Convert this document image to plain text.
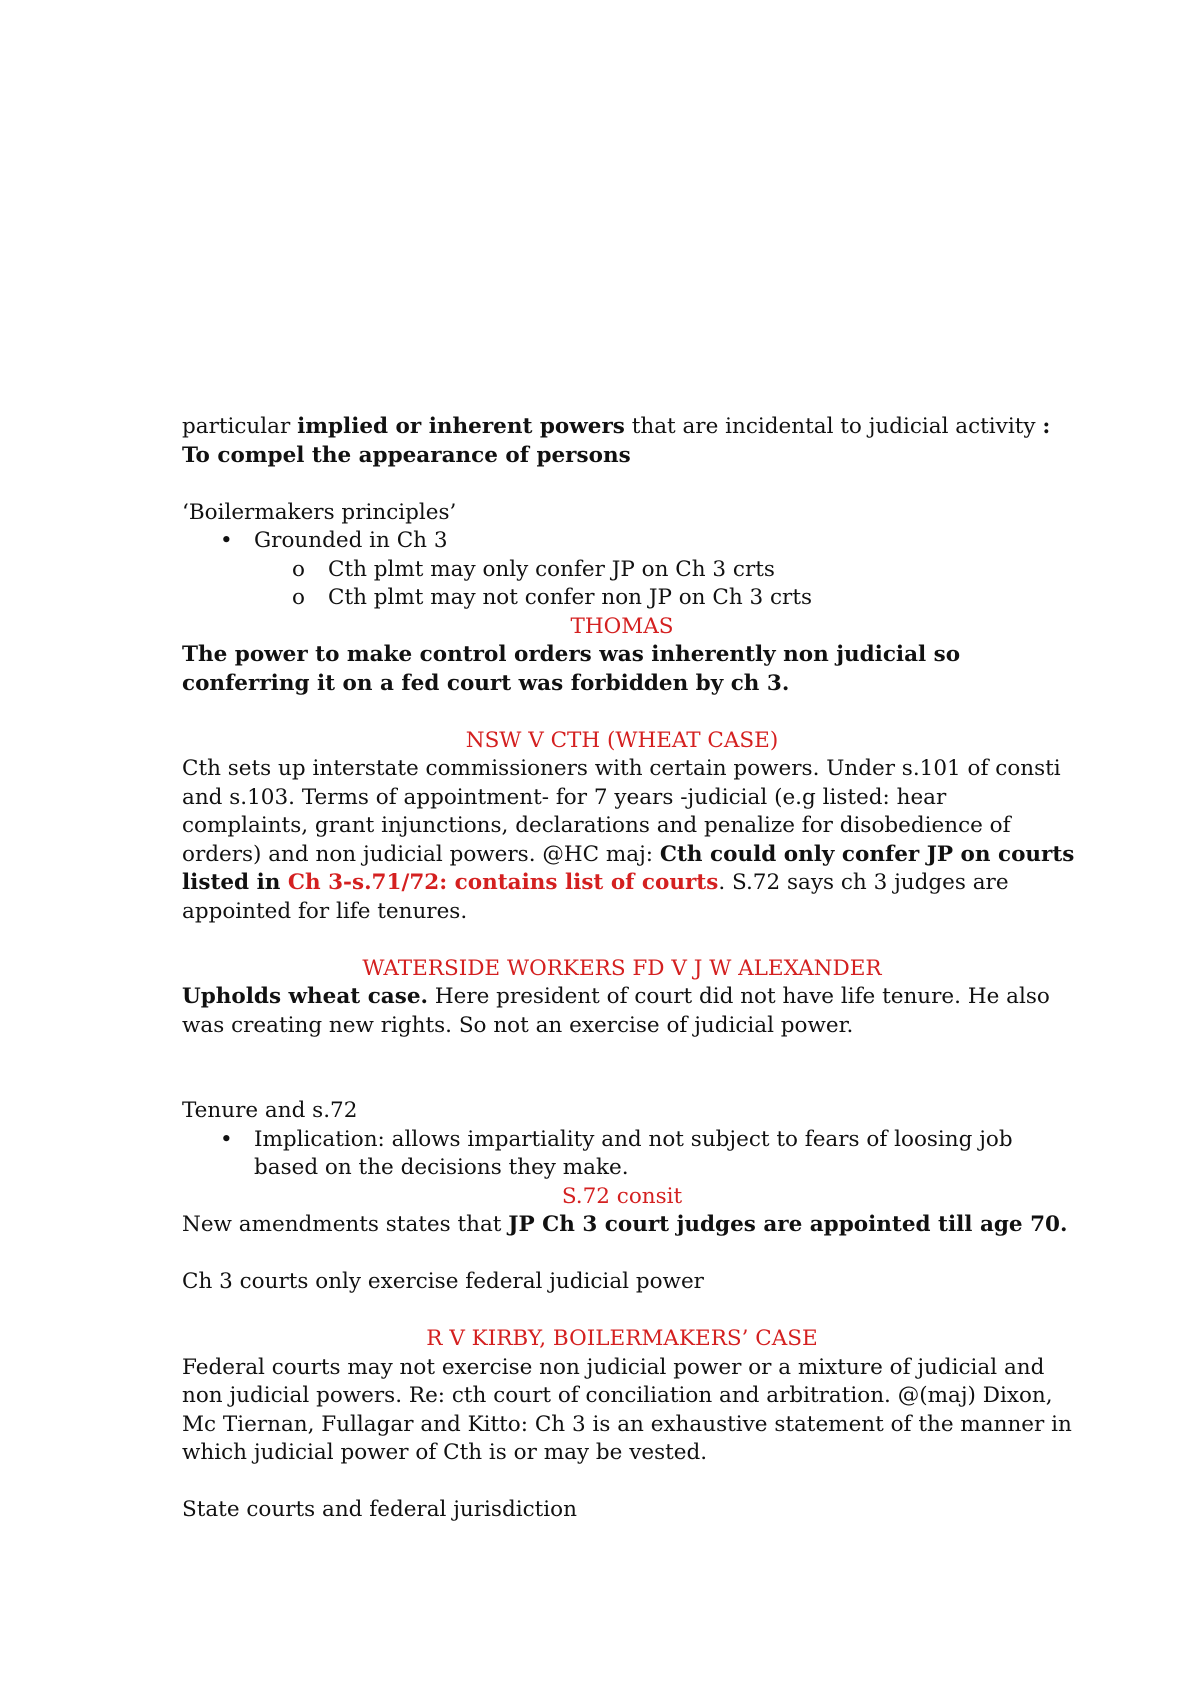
particular implied or inherent powers that are incidental to judicial activity :
To compel the appearance of persons
‘Boilermakers principles’
• Grounded in Ch 3
o Cth plmt may only confer JP on Ch 3 crts
o Cth plmt may not confer non JP on Ch 3 crts
THOMAS
The power to make control orders was inherently non judicial so
conferring it on a fed court was forbidden by ch 3.
NSW V CTH (WHEAT CASE)
Cth sets up interstate commissioners with certain powers. Under s.101 of consti
and s.103. Terms of appointment- for 7 years -judicial (e.g listed: hear
complaints, grant injunctions, declarations and penalize for disobedience of
orders) and non judicial powers. @HC maj: Cth could only confer JP on courts
listed in Ch 3-s.71/72: contains list of courts. S.72 says ch 3 judges are
appointed for life tenures.
WATERSIDE WORKERS FD V J W ALEXANDER
Upholds wheat case. Here president of court did not have life tenure. He also
was creating new rights. So not an exercise of judicial power.
Tenure and s.72
• Implication: allows impartiality and not subject to fears of loosing job
based on the decisions they make.
S.72 consit
New amendments states that JP Ch 3 court judges are appointed till age 70.
Ch 3 courts only exercise federal judicial power
R V KIRBY, BOILERMAKERS’ CASE
Federal courts may not exercise non judicial power or a mixture of judicial and
non judicial powers. Re: cth court of conciliation and arbitration. @(maj) Dixon,
Mc Tiernan, Fullagar and Kitto: Ch 3 is an exhaustive statement of the manner in
which judicial power of Cth is or may be vested.
State courts and federal jurisdiction
